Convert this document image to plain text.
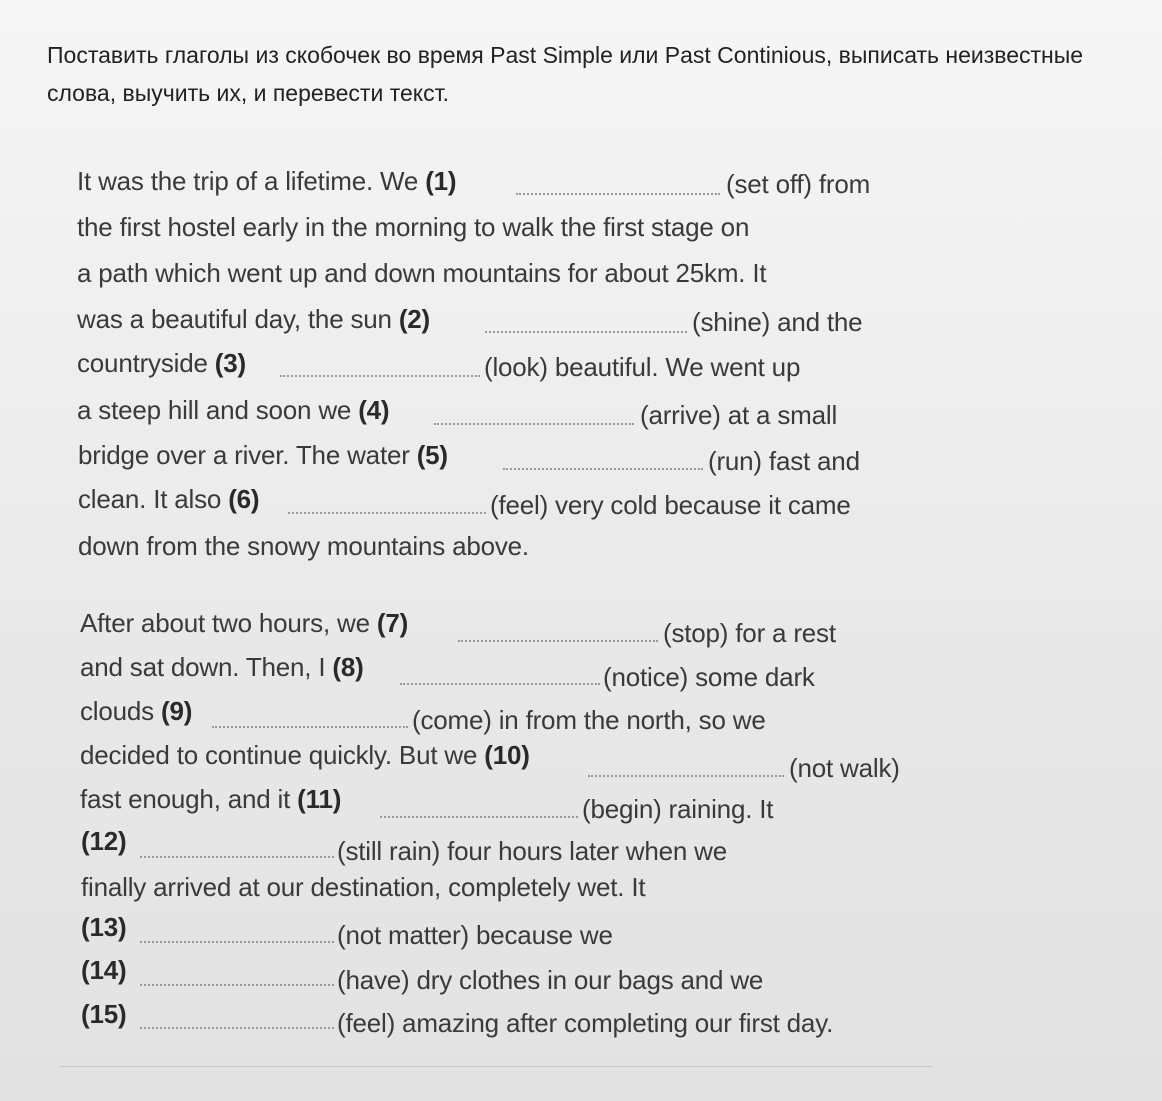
Поставить глаголы из скобочек во время Past Simple или Past Continious, выписать неизвестные слова, выучить их, и перевести текст.
It was the trip of a lifetime. We (1)	(set off) from
the first hostel early in the morning to walk the first stage on
a path which went up and down mountains for about 25km. It
was a beautiful day, the sun (2)	(shine) and the
countryside (3)	(look) beautiful. We went up
a steep hill and soon we (4)	(arrive) at a small
bridge over a river. The water (5)	(run) fast and
clean. It also (6)	(feel) very cold because it came
down from the snowy mountains above.
After about two hours, we (7)	(stop) for a rest
and sat down. Then, I (8)	(notice) some dark
clouds (9)	(come) in from the north, so we
decided to continue quickly. But we (10)	(not walk)
fast enough, and it (11)	(begin) raining. It
(12)	(still rain) four hours later when we
finally arrived at our destination, completely wet. It
(13)	(not matter) because we
(14)	(have) dry clothes in our bags and we
(15)	(feel) amazing after completing our first day.
